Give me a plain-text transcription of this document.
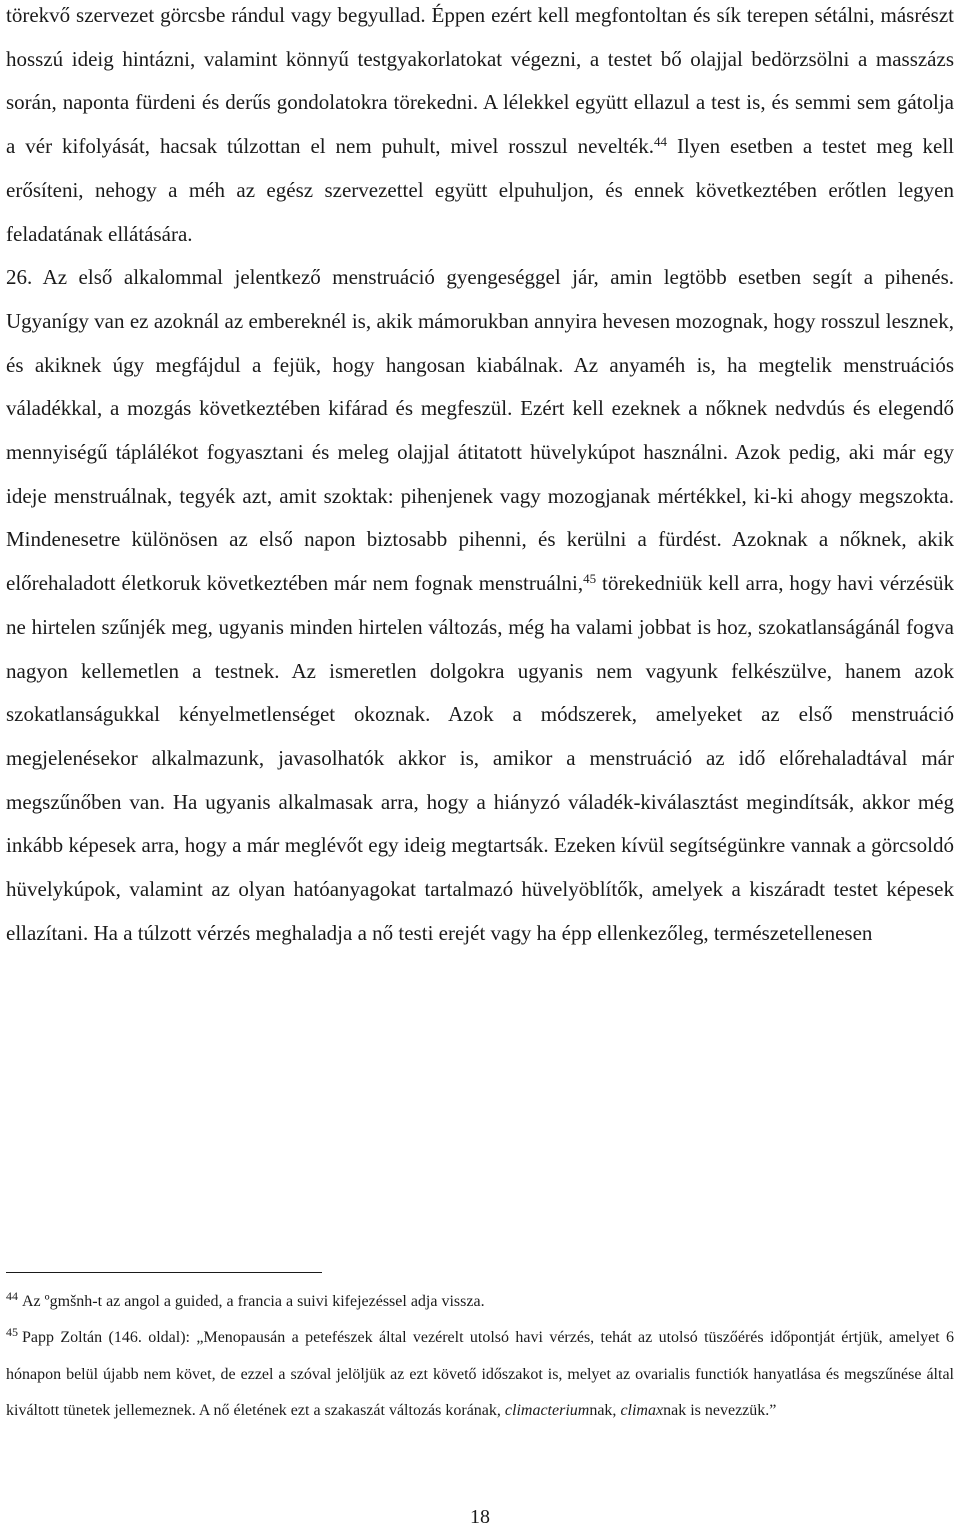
törekvő szervezet görcsbe rándul vagy begyullad. Éppen ezért kell megfontoltan és sík terepen sétálni, másrészt hosszú ideig hintázni, valamint könnyű testgyakorlatokat végezni, a testet bő olajjal bedörzsölni a masszázs során, naponta fürdeni és derűs gondolatokra törekedni. A lélekkel együtt ellazul a test is, és semmi sem gátolja a vér kifolyását, hacsak túlzottan el nem puhult, mivel rosszul nevelték.$^{44}$ Ilyen esetben a testet meg kell erősíteni, nehogy a méh az egész szervezettel együtt elpuhuljon, és ennek következtében erőtlen legyen feladatának ellátására.

26. Az első alkalommal jelentkező menstruáció gyengeséggel jár, amin legtöbb esetben segít a pihenés. Ugyanígy van ez azoknál az embereknél is, akik mámorukban annyira hevesen mozognak, hogy rosszul lesznek, és akiknek úgy megfájdul a fejük, hogy hangosan kiabálnak. Az anyaméh is, ha megtelik menstruációs váladékkal, a mozgás következtében kifárad és megfeszül. Ezért kell ezeknek a nőknek nedvdús és elegendő mennyiségű táplálékot fogyasztani és meleg olajjal átitatott hüvelykúpot használni. Azok pedig, aki már egy ideje menstruálnak, tegyék azt, amit szoktak: pihenjenek vagy mozogjanak mértékkel, ki-ki ahogy megszokta. Mindenesetre különösen az első napon biztosabb pihenni, és kerülni a fürdést. Azoknak a nőknek, akik előrehaladott életkoruk következtében már nem fognak menstruálni,$^{45}$ törekedniük kell arra, hogy havi vérzésük ne hirtelen szűnjék meg, ugyanis minden hirtelen változás, még ha valami jobbat is hoz, szokatlanságánál fogva nagyon kellemetlen a testnek. Az ismeretlen dolgokra ugyanis nem vagyunk felkészülve, hanem azok szokatlanságukkal kényelmetlenséget okoznak. Azok a módszerek, amelyeket az első menstruáció megjelenésekor alkalmazunk, javasolhatók akkor is, amikor a menstruáció az idő előrehaladtával már megszűnőben van. Ha ugyanis alkalmasak arra, hogy a hiányzó váladék-kiválasztást megindítsák, akkor még inkább képesek arra, hogy a már meglévőt egy ideig megtartsák. Ezeken kívül segítségünkre vannak a görcsoldó hüvelykúpok, valamint az olyan hatóanyagokat tartalmazó hüvelyöblítők, amelyek a kiszáradt testet képesek ellazítani. Ha a túlzott vérzés meghaladja a nő testi erejét vagy ha épp ellenkezőleg, természetellenesen

$^{44}$ Az ºgmšnh-t az angol a guided, a francia a suivi kifejezéssel adja vissza.

$^{45}$ Papp Zoltán (146. oldal): „Menopausán a petefészek által vezérelt utolsó havi vérzés, tehát az utolsó tüszőérés időpontját értjük, amelyet 6 hónapon belül újabb nem követ, de ezzel a szóval jelöljük az ezt követő időszakot is, melyet az ovarialis functiók hanyatlása és megszűnése által kiváltott tünetek jellemeznek. A nő életének ezt a szakaszát változás korának, climacteriumnak, climaxnak is nevezzük.”

18
